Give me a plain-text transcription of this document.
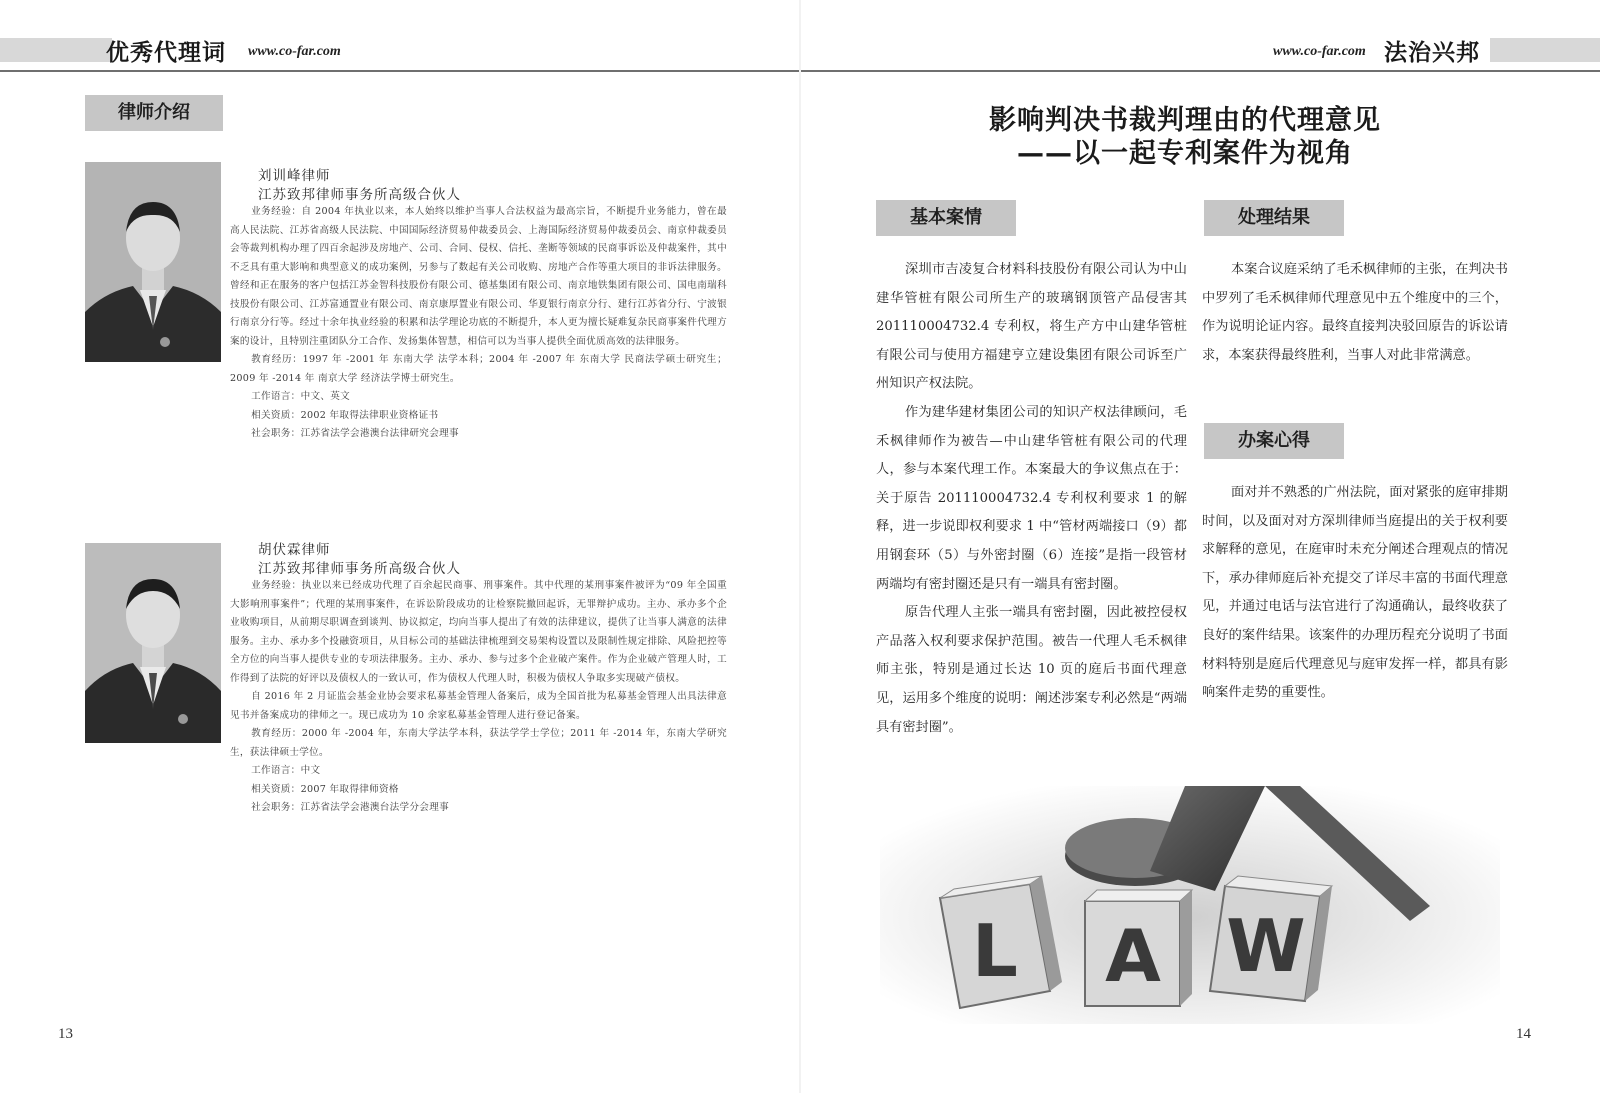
优秀代理词 www.co-far.com	www.co-far.com 法治兴邦
律师介绍
刘训峰律师
江苏致邦律师事务所高级合伙人

业务经验：自 2004 年执业以来，本人始终以维护当事人合法权益为最高宗旨，不断提升业务能力，曾在最高人民法院、江苏省高级人民法院、中国国际经济贸易仲裁委员会、上海国际经济贸易仲裁委员会、南京仲裁委员会等裁判机构办理了四百余起涉及房地产、公司、合同、侵权、信托、垄断等领域的民商事诉讼及仲裁案件，其中不乏具有重大影响和典型意义的成功案例，另参与了数起有关公司收购、房地产合作等重大项目的非诉法律服务。曾经和正在服务的客户包括江苏金智科技股份有限公司、德基集团有限公司、南京地铁集团有限公司、国电南瑞科技股份有限公司、江苏富通置业有限公司、南京康厚置业有限公司、华夏银行南京分行、建行江苏省分行、宁波银行南京分行等。经过十余年执业经验的积累和法学理论功底的不断提升，本人更为擅长疑难复杂民商事案件代理方案的设计，且特别注重团队分工合作、发扬集体智慧，相信可以为当事人提供全面优质高效的法律服务。

教育经历：1997 年 -2001 年 东南大学 法学本科；2004 年 -2007 年 东南大学 民商法学硕士研究生；2009 年 -2014 年 南京大学 经济法学博士研究生。

工作语言：中文、英文

相关资质：2002 年取得法律职业资格证书

社会职务：江苏省法学会港澳台法律研究会理事

胡伏霖律师
江苏致邦律师事务所高级合伙人

业务经验：执业以来已经成功代理了百余起民商事、刑事案件。其中代理的某刑事案件被评为“09 年全国重大影响刑事案件”；代理的某刑事案件，在诉讼阶段成功的让检察院撤回起诉，无罪辩护成功。主办、承办多个企业收购项目，从前期尽职调查到谈判、协议拟定，均向当事人提出了有效的法律建议，提供了让当事人满意的法律服务。主办、承办多个投融资项目，从目标公司的基础法律梳理到交易架构设置以及限制性规定排除、风险把控等全方位的向当事人提供专业的专项法律服务。主办、承办、参与过多个企业破产案件。作为企业破产管理人时，工作得到了法院的好评以及债权人的一致认可，作为债权人代理人时，积极为债权人争取多实现破产债权。

自 2016 年 2 月证监会基金业协会要求私募基金管理人备案后，成为全国首批为私募基金管理人出具法律意见书并备案成功的律师之一。现已成功为 10 余家私募基金管理人进行登记备案。

教育经历：2000 年 -2004 年，东南大学法学本科，获法学学士学位；2011 年 -2014 年，东南大学研究生，获法律硕士学位。

工作语言：中文

相关资质：2007 年取得律师资格

社会职务：江苏省法学会港澳台法学分会理事

13
影响判决书裁判理由的代理意见
——以一起专利案件为视角
基本案情	处理结果
办案心得

深圳市吉凌复合材料科技股份有限公司认为中山建华管桩有限公司所生产的玻璃钢顶管产品侵害其 201110004732.4 专利权，将生产方中山建华管桩有限公司与使用方福建亨立建设集团有限公司诉至广州知识产权法院。

作为建华建材集团公司的知识产权法律顾问，毛禾枫律师作为被告—中山建华管桩有限公司的代理人，参与本案代理工作。本案最大的争议焦点在于：关于原告 201110004732.4 专利权利要求 1 的解释，进一步说即权利要求 1 中“管材两端接口（9）都用钢套环（5）与外密封圈（6）连接”是指一段管材两端均有密封圈还是只有一端具有密封圈。

原告代理人主张一端具有密封圈，因此被控侵权产品落入权利要求保护范围。被告一代理人毛禾枫律师主张，特别是通过长达 10 页的庭后书面代理意见，运用多个维度的说明：阐述涉案专利必然是“两端具有密封圈”。

本案合议庭采纳了毛禾枫律师的主张，在判决书中罗列了毛禾枫律师代理意见中五个维度中的三个，作为说明论证内容。最终直接判决驳回原告的诉讼请求，本案获得最终胜利，当事人对此非常满意。

面对并不熟悉的广州法院，面对紧张的庭审排期时间，以及面对对方深圳律师当庭提出的关于权利要求解释的意见，在庭审时未充分阐述合理观点的情况下，承办律师庭后补充提交了详尽丰富的书面代理意见，并通过电话与法官进行了沟通确认，最终收获了良好的案件结果。该案件的办理历程充分说明了书面材料特别是庭后代理意见与庭审发挥一样，都具有影响案件走势的重要性。

L A W
14
